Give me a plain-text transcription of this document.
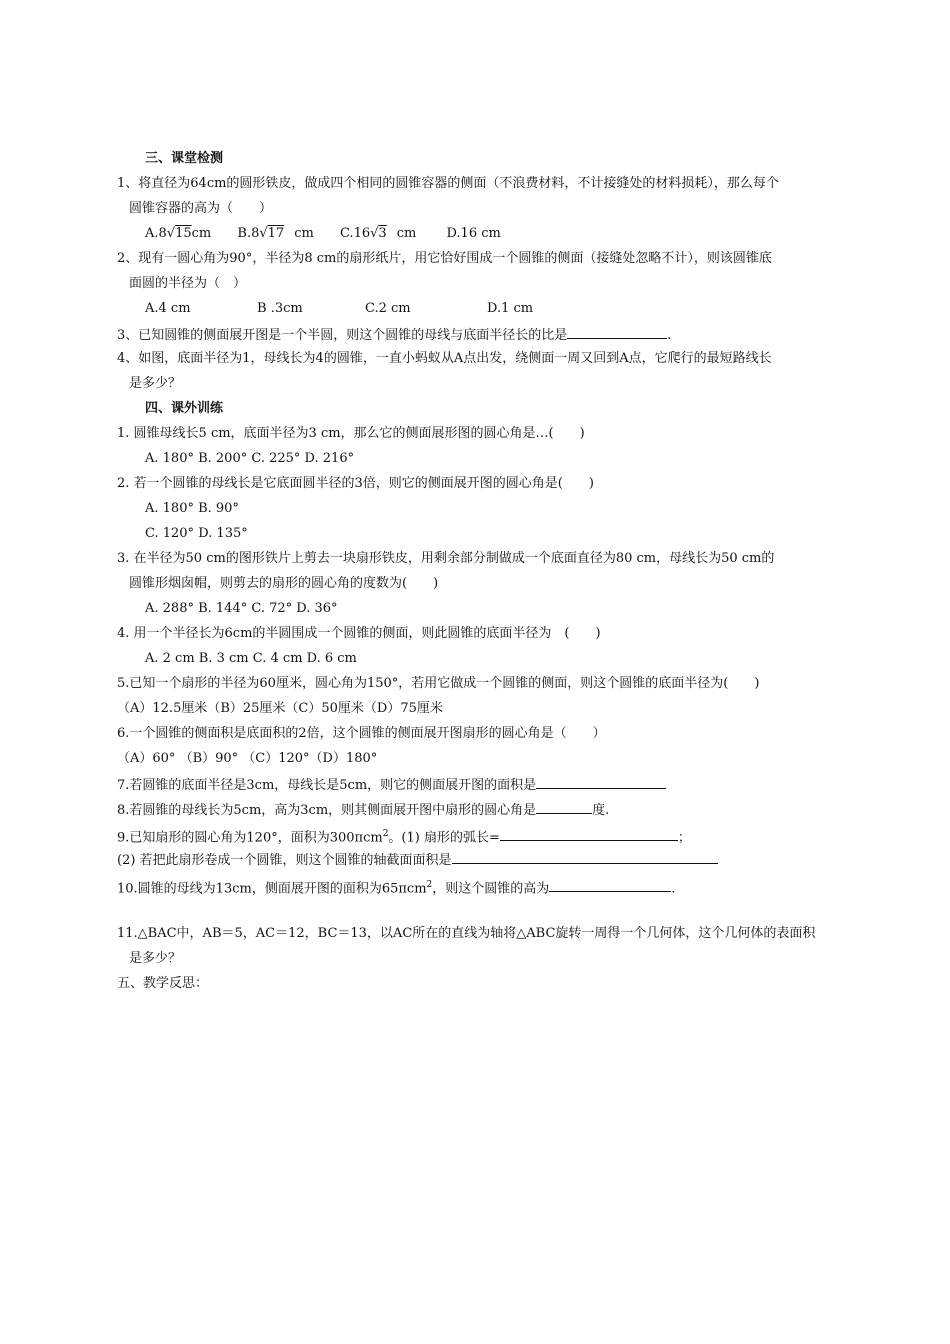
三、课堂检测
1、将直径为64cm的圆形铁皮，做成四个相同的圆锥容器的侧面（不浪费材料，不计接缝处的材料损耗），那么每个
圆锥容器的高为（　　）
A.8√15cm B.8√17 cm C.16√3 cm D.16 cm
2、现有一圆心角为90°，半径为8 cm的扇形纸片，用它恰好围成一个圆锥的侧面（接缝处忽略不计），则该圆锥底
面圆的半径为（　）
A.4 cm	B .3cm	C.2 cm	D.1 cm
3、已知圆锥的侧面展开图是一个半圆，则这个圆锥的母线与底面半径长的比是	.
4、如图，底面半径为1，母线长为4的圆锥，一直小蚂蚁从A点出发，绕侧面一周又回到A点，它爬行的最短路线长
是多少？
四、课外训练
1. 圆锥母线长5 cm，底面半径为3 cm，那么它的侧面展形图的圆心角是…(　　)
A. 180° B. 200° C. 225° D. 216°
2. 若一个圆锥的母线长是它底面圆半径的3倍，则它的侧面展开图的圆心角是(　　)
A. 180° B. 90°
C. 120° D. 135°
3. 在半径为50 cm的图形铁片上剪去一块扇形铁皮，用剩余部分制做成一个底面直径为80 cm，母线长为50 cm的
圆锥形烟囱帽，则剪去的扇形的圆心角的度数为(　　)
A. 288° B. 144° C. 72° D. 36°
4. 用一个半径长为6cm的半圆围成一个圆锥的侧面，则此圆锥的底面半径为　(　　)
A. 2 cm B. 3 cm C. 4 cm D. 6 cm
5.已知一个扇形的半径为60厘米，圆心角为150°，若用它做成一个圆锥的侧面，则这个圆锥的底面半径为(　　)
（A）12.5厘米（B）25厘米（C）50厘米（D）75厘米
6.一个圆锥的侧面积是底面积的2倍，这个圆锥的侧面展开图扇形的圆心角是（　　）
（A）60° （B）90° （C）120°（D）180°
7.若圆锥的底面半径是3cm，母线长是5cm，则它的侧面展开图的面积是
8.若圆锥的母线长为5cm，高为3cm，则其侧面展开图中扇形的圆心角是	度.
9.已知扇形的圆心角为120°，面积为300πcm$^2$。(1) 扇形的弧长=	；
(2) 若把此扇形卷成一个圆锥，则这个圆锥的轴截面面积是
10.圆锥的母线为13cm，侧面展开图的面积为65πcm$^2$，则这个圆锥的高为	.
11.△BAC中，AB＝5，AC＝12，BC＝13，以AC所在的直线为轴将△ABC旋转一周得一个几何体，这个几何体的表面积
是多少？
五、教学反思：
